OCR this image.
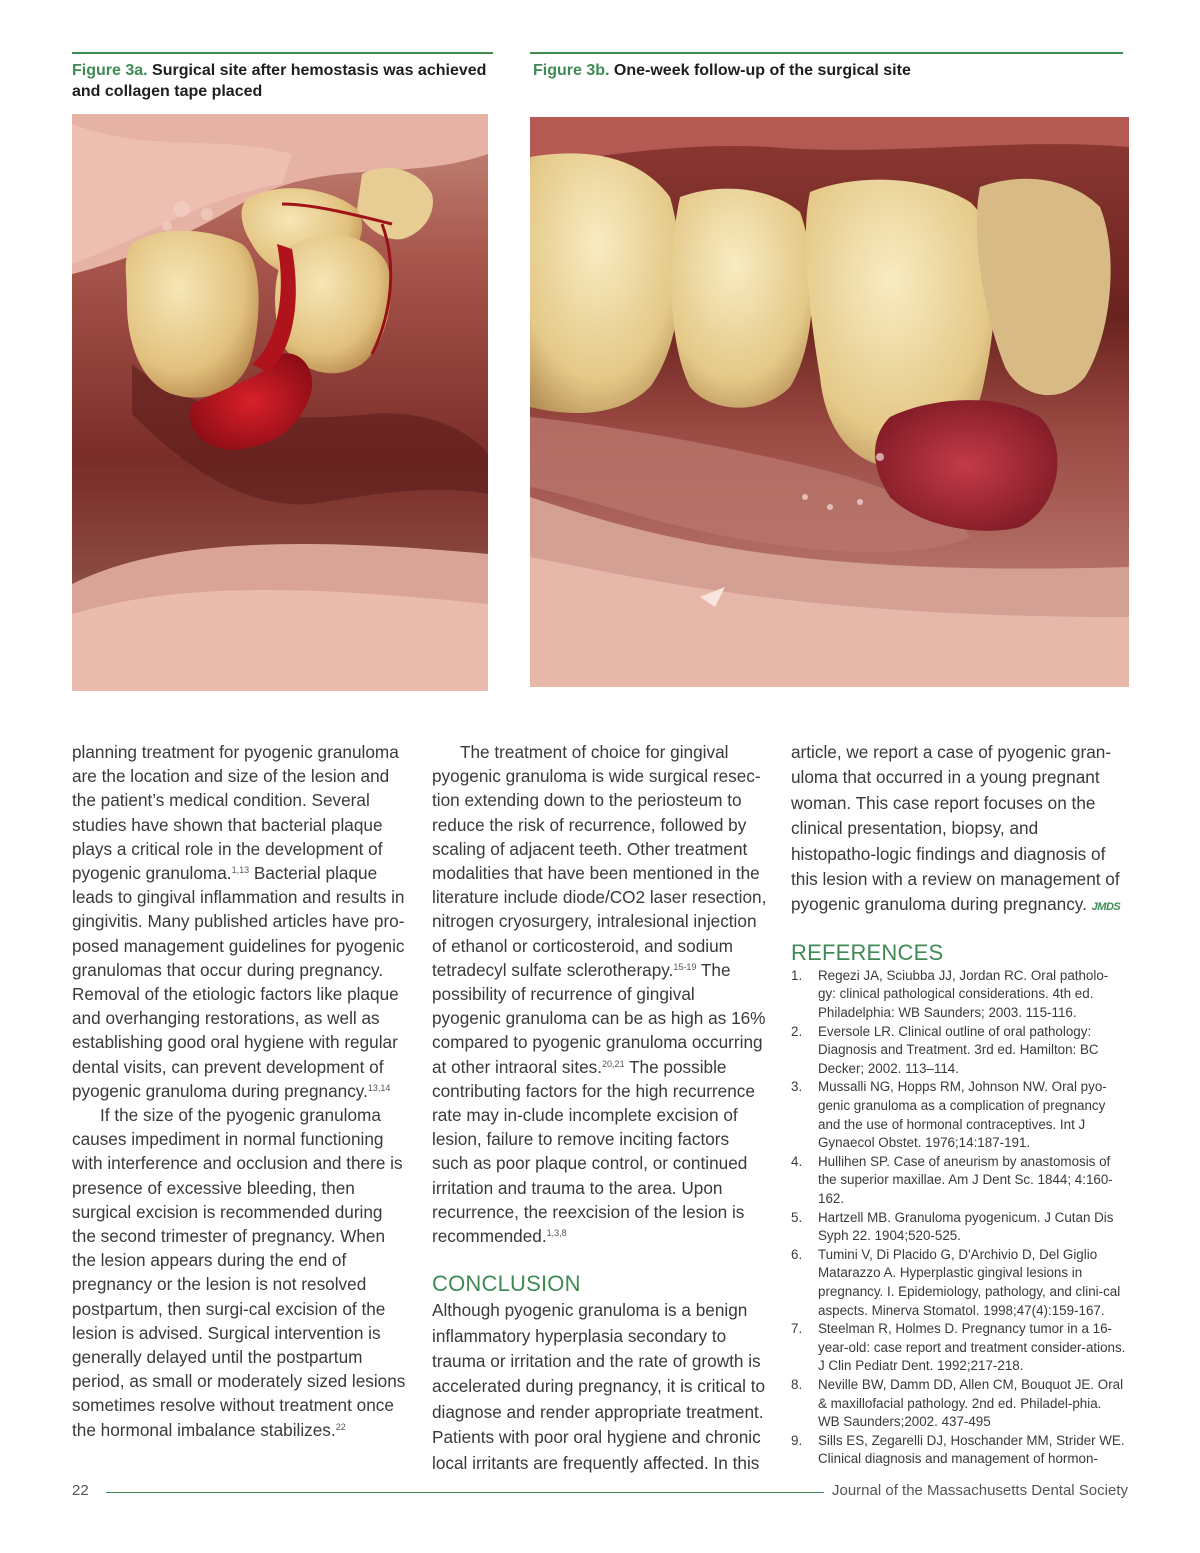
Figure 3a. Surgical site after hemostasis was achieved and collagen tape placed
Figure 3b. One-week follow-up of the surgical site

planning treatment for pyogenic granuloma are the location and size of the lesion and the patient’s medical condition. Several studies have shown that bacterial plaque plays a critical role in the development of pyogenic granuloma.$^{1,13}$ Bacterial plaque leads to gingival inflammation and results in gingivitis. Many published articles have pro-posed management guidelines for pyogenic granulomas that occur during pregnancy. Removal of the etiologic factors like plaque and overhanging restorations, as well as establishing good oral hygiene with regular dental visits, can prevent development of pyogenic granuloma during pregnancy.$^{13,14}$

If the size of the pyogenic granuloma causes impediment in normal functioning with interference and occlusion and there is presence of excessive bleeding, then surgical excision is recommended during the second trimester of pregnancy. When the lesion appears during the end of pregnancy or the lesion is not resolved postpartum, then surgi-cal excision of the lesion is advised. Surgical intervention is generally delayed until the postpartum period, as small or moderately sized lesions sometimes resolve without treatment once the hormonal imbalance stabilizes.$^{22}$

The treatment of choice for gingival pyogenic granuloma is wide surgical resec-tion extending down to the periosteum to reduce the risk of recurrence, followed by scaling of adjacent teeth. Other treatment modalities that have been mentioned in the literature include diode/CO2 laser resection, nitrogen cryosurgery, intralesional injection of ethanol or corticosteroid, and sodium tetradecyl sulfate sclerotherapy.$^{15-19}$ The possibility of recurrence of gingival pyogenic granuloma can be as high as 16% compared to pyogenic granuloma occurring at other intraoral sites.$^{20,21}$ The possible contributing factors for the high recurrence rate may in-clude incomplete excision of lesion, failure to remove inciting factors such as poor plaque control, or continued irritation and trauma to the area. Upon recurrence, the reexcision of the lesion is recommended.$^{1,3,8}$

CONCLUSION

Although pyogenic granuloma is a benign inflammatory hyperplasia secondary to trauma or irritation and the rate of growth is accelerated during pregnancy, it is critical to diagnose and render appropriate treatment. Patients with poor oral hygiene and chronic local irritants are frequently affected. In this

article, we report a case of pyogenic gran-uloma that occurred in a young pregnant woman. This case report focuses on the clinical presentation, biopsy, and histopatho-logic findings and diagnosis of this lesion with a review on management of pyogenic granuloma during pregnancy. JMDS

REFERENCES
1. Regezi JA, Sciubba JJ, Jordan RC. Oral patholo-gy: clinical pathological considerations. 4th ed. Philadelphia: WB Saunders; 2003. 115-116.
2. Eversole LR. Clinical outline of oral pathology: Diagnosis and Treatment. 3rd ed. Hamilton: BC Decker; 2002. 113–114.
3. Mussalli NG, Hopps RM, Johnson NW. Oral pyo-genic granuloma as a complication of pregnancy and the use of hormonal contraceptives. Int J Gynaecol Obstet. 1976;14:187-191.
4. Hullihen SP. Case of aneurism by anastomosis of the superior maxillae. Am J Dent Sc. 1844; 4:160-162.
5. Hartzell MB. Granuloma pyogenicum. J Cutan Dis Syph 22. 1904;520-525.
6. Tumini V, Di Placido G, D'Archivio D, Del Giglio Matarazzo A. Hyperplastic gingival lesions in pregnancy. I. Epidemiology, pathology, and clini-cal aspects. Minerva Stomatol. 1998;47(4):159-167.
7. Steelman R, Holmes D. Pregnancy tumor in a 16-year-old: case report and treatment consider-ations. J Clin Pediatr Dent. 1992;217-218.
8. Neville BW, Damm DD, Allen CM, Bouquot JE. Oral & maxillofacial pathology. 2nd ed. Philadel-phia. WB Saunders;2002. 437-495
9. Sills ES, Zegarelli DJ, Hoschander MM, Strider WE. Clinical diagnosis and management of hormon-
22	Journal of the Massachusetts Dental Society
